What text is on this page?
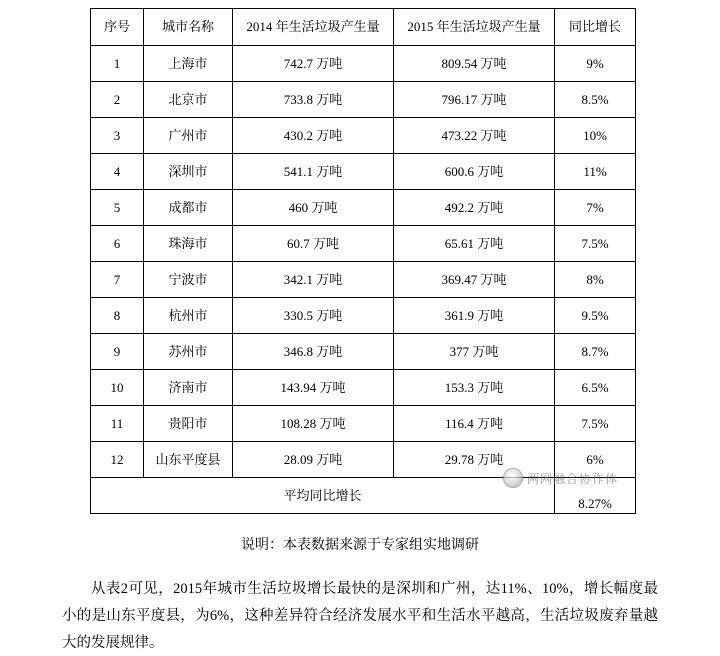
序号	城市名称	2014 年生活垃圾产生量	2015 年生活垃圾产生量	同比增长
1	上海市	742.7 万吨	809.54 万吨	9%
2	北京市	733.8 万吨	796.17 万吨	8.5%
3	广州市	430.2 万吨	473.22 万吨	10%
4	深圳市	541.1 万吨	600.6 万吨	11%
5	成都市	460 万吨	492.2 万吨	7%
6	珠海市	60.7 万吨	65.61 万吨	7.5%
7	宁波市	342.1 万吨	369.47 万吨	8%
8	杭州市	330.5 万吨	361.9 万吨	9.5%
9	苏州市	346.8 万吨	377 万吨	8.7%
10	济南市	143.94 万吨	153.3 万吨	6.5%
11	贵阳市	108.28 万吨	116.4 万吨	7.5%
12	山东平度县	28.09 万吨	29.78 万吨	6%
平均同比增长				8.27%
两网融合协作体
说明：本表数据来源于专家组实地调研
从表2可见，2015年城市生活垃圾增长最快的是深圳和广州，达11%、10%，增长幅度最小的是山东平度县，为6%，这种差异符合经济发展水平和生活水平越高，生活垃圾废弃量越大的发展规律。
